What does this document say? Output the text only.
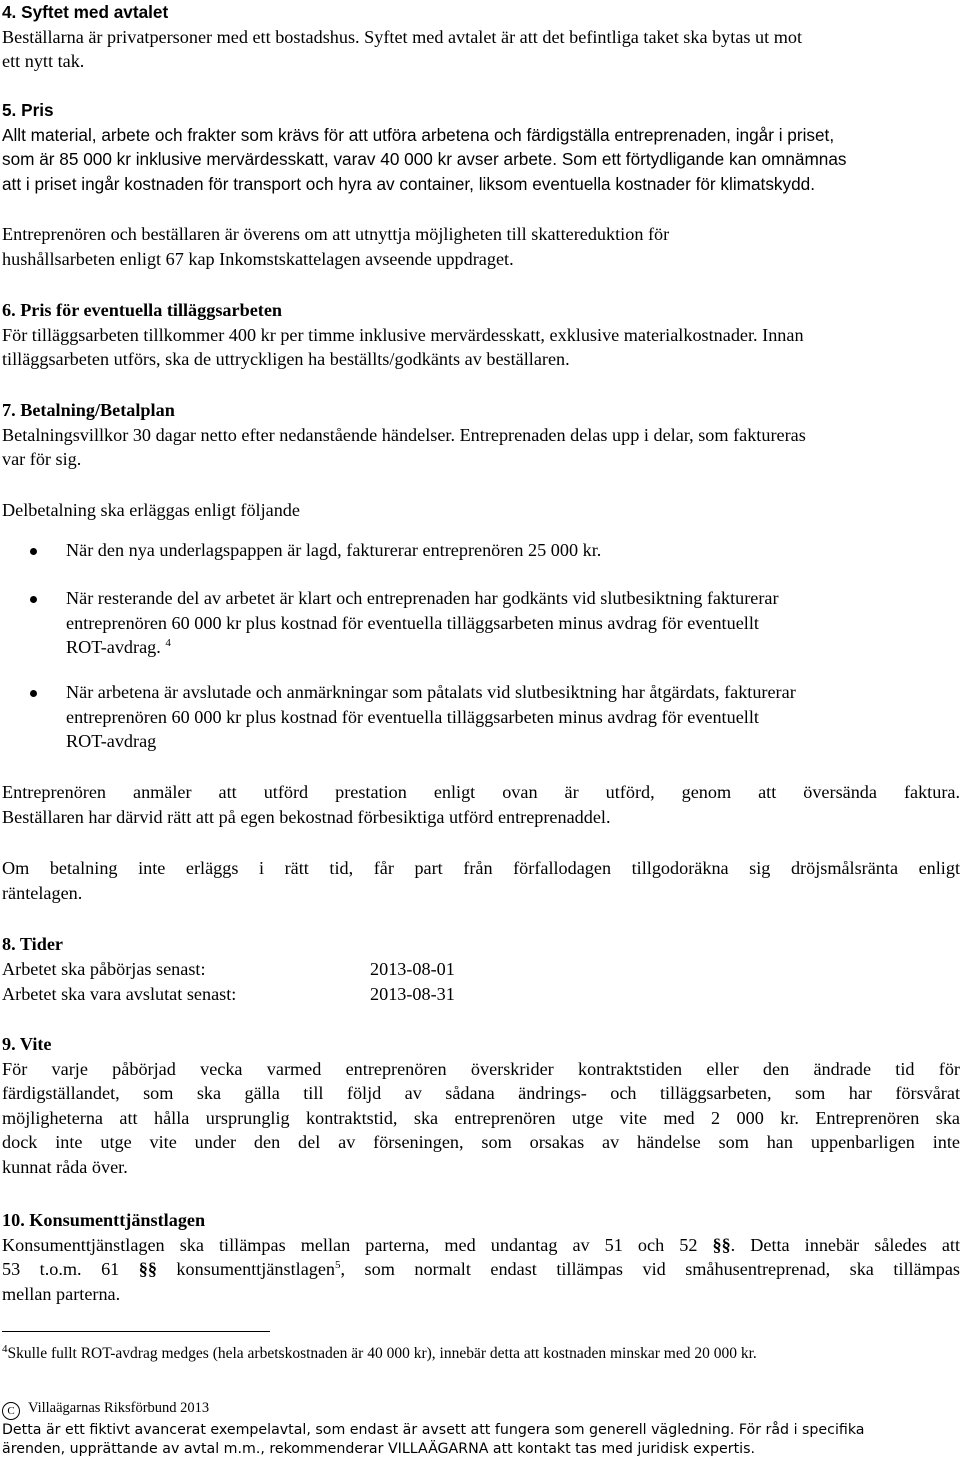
4. Syftet med avtalet
Beställarna är privatpersoner med ett bostadshus. Syftet med avtalet är att det befintliga taket ska bytas ut mot
ett nytt tak.
5. Pris
Allt material, arbete och frakter som krävs för att utföra arbetena och färdigställa entreprenaden, ingår i priset,
som är 85 000 kr inklusive mervärdesskatt, varav 40 000 kr avser arbete. Som ett förtydligande kan omnämnas
att i priset ingår kostnaden för transport och hyra av container, liksom eventuella kostnader för klimatskydd.
Entreprenören och beställaren är överens om att utnyttja möjligheten till skattereduktion för
hushållsarbeten enligt 67 kap Inkomstskattelagen avseende uppdraget.
6. Pris för eventuella tilläggsarbeten
För tilläggsarbeten tillkommer 400 kr per timme inklusive mervärdesskatt, exklusive materialkostnader. Innan
tilläggsarbeten utförs, ska de uttryckligen ha beställts/godkänts av beställaren.
7. Betalning/Betalplan
Betalningsvillkor 30 dagar netto efter nedanstående händelser. Entreprenaden delas upp i delar, som faktureras
var för sig.
Delbetalning ska erläggas enligt följande
När den nya underlagspappen är lagd, fakturerar entreprenören 25 000 kr.
När resterande del av arbetet är klart och entreprenaden har godkänts vid slutbesiktning fakturerar
entreprenören 60 000 kr plus kostnad för eventuella tilläggsarbeten minus avdrag för eventuellt
ROT-avdrag. $^4$
När arbetena är avslutade och anmärkningar som påtalats vid slutbesiktning har åtgärdats, fakturerar
entreprenören 60 000 kr plus kostnad för eventuella tilläggsarbeten minus avdrag för eventuellt
ROT-avdrag

Entreprenören anmäler att utförd prestation enligt ovan är utförd, genom att översända faktura.

Beställaren har därvid rätt att på egen bekostnad förbesiktiga utförd entreprenaddel.

Om betalning inte erläggs i rätt tid, får part från förfallodagen tillgodoräkna sig dröjsmålsränta enligt

räntelagen.
8. Tider
Arbetet ska påbörjas senast:	2013-08-01
Arbetet ska vara avslutat senast:	2013-08-31
9. Vite

För varje påbörjad vecka varmed entreprenören överskrider kontraktstiden eller den ändrade tid för

färdigställandet, som ska gälla till följd av sådana ändrings- och tilläggsarbeten, som har försvårat

möjligheterna att hålla ursprunglig kontraktstid, ska entreprenören utge vite med 2 000 kr. Entreprenören ska

dock inte utge vite under den del av förseningen, som orsakas av händelse som han uppenbarligen inte

kunnat råda över.
10. Konsumenttjänstlagen

Konsumenttjänstlagen ska tillämpas mellan parterna, med undantag av 51 och 52 §§. Detta innebär således att

53 t.o.m. 61 §§ konsumenttjänstlagen$^5$, som normalt endast tillämpas vid småhusentreprenad, ska tillämpas

mellan parterna.
$^4$Skulle fullt ROT-avdrag medges (hela arbetskostnaden är 40 000 kr), innebär detta att kostnaden minskar med 20 000 kr.
C Villaägarnas Riksförbund 2013
Detta är ett fiktivt avancerat exempelavtal, som endast är avsett att fungera som generell vägledning. För råd i specifika
ärenden, upprättande av avtal m.m., rekommenderar VILLAÄGARNA att kontakt tas med juridisk expertis.
